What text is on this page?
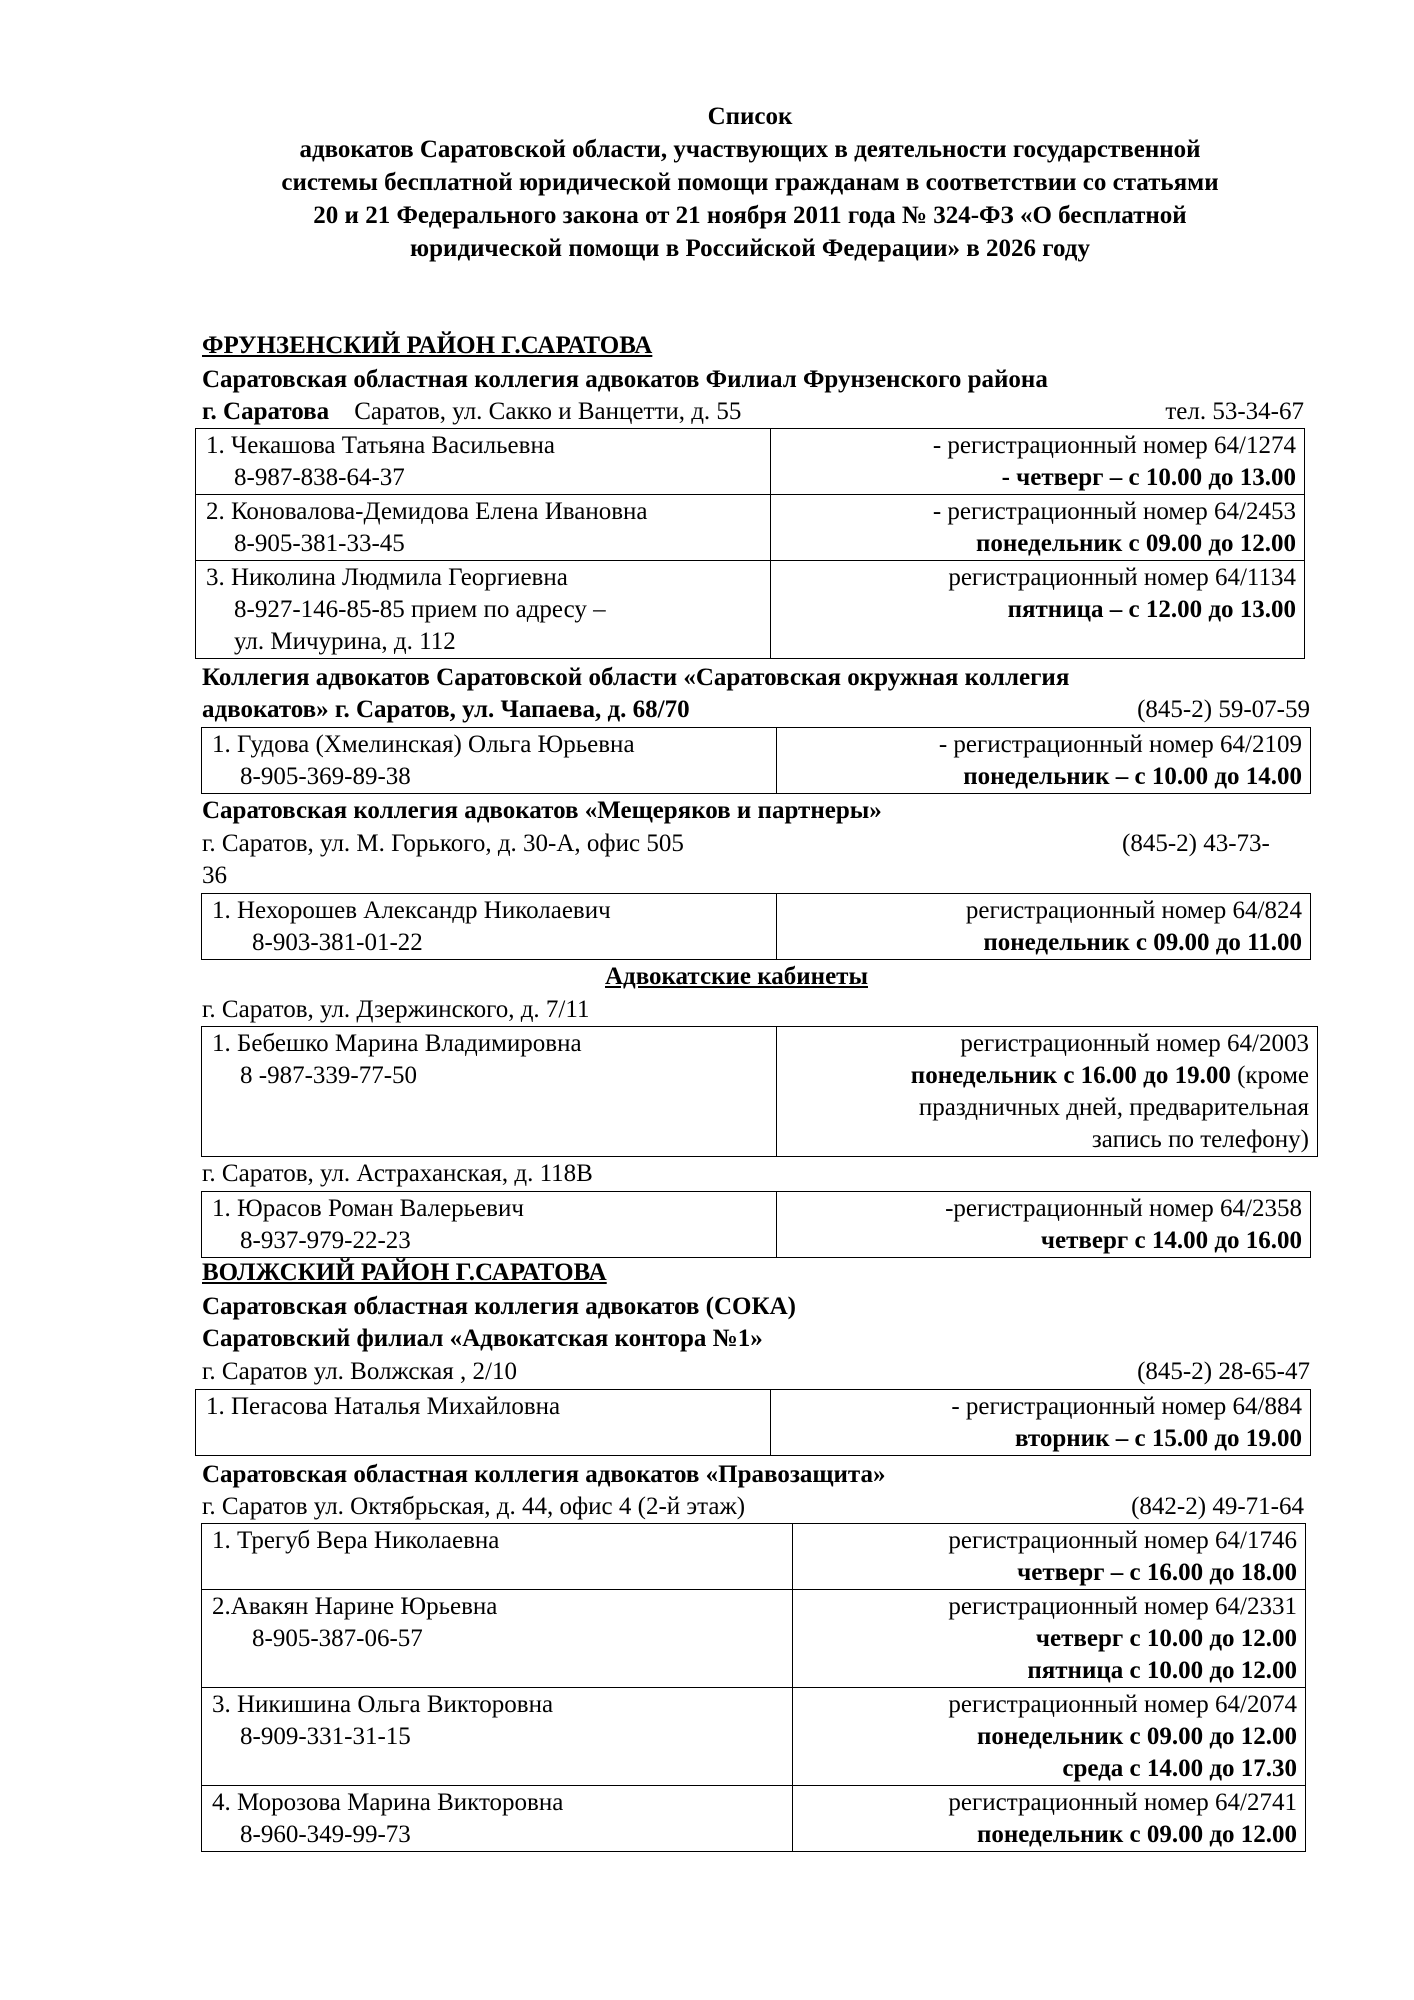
Список
адвокатов Саратовской области, участвующих в деятельности государственной
системы бесплатной юридической помощи гражданам в соответствии со статьями
20 и 21 Федерального закона от 21 ноября 2011 года № 324-ФЗ «О бесплатной
юридической помощи в Российской Федерации» в 2026 году
ФРУНЗЕНСКИЙ РАЙОН Г.САРАТОВА
Саратовская областная коллегия адвокатов Филиал Фрунзенского района
г. Саратова Саратов, ул. Сакко и Ванцетти, д. 55	тел. 53-34-67
1. Чекашова Татьяна Васильевна
8-987-838-64-37	- регистрационный номер 64/1274
- четверг – с 10.00 до 13.00

2. Коновалова-Демидова Елена Ивановна
8-905-381-33-45	- регистрационный номер 64/2453
понедельник с 09.00 до 12.00

3. Николина Людмила Георгиевна
8-927-146-85-85 прием по адресу –
ул. Мичурина, д. 112	регистрационный номер 64/1134
пятница – с 12.00 до 13.00
Коллегия адвокатов Саратовской области «Саратовская окружная коллегия
адвокатов» г. Саратов, ул. Чапаева, д. 68/70	(845-2) 59-07-59
1. Гудова (Хмелинская) Ольга Юрьевна
8-905-369-89-38

- регистрационный номер 64/2109
понедельник – с 10.00 до 14.00
Саратовская коллегия адвокатов «Мещеряков и партнеры»
г. Саратов, ул. М. Горького, д. 30-А, офис 505	(845-2) 43-73-
36
1. Нехорошев Александр Николаевич
8-903-381-01-22

регистрационный номер 64/824
понедельник с 09.00 до 11.00
Адвокатские кабинеты
г. Саратов, ул. Дзержинского, д. 7/11
1. Бебешко Марина Владимировна
8 -987-339-77-50

регистрационный номер 64/2003
понедельник с 16.00 до 19.00 (кроме
праздничных дней, предварительная
запись по телефону)
г. Саратов, ул. Астраханская, д. 118В
1. Юрасов Роман Валерьевич
8-937-979-22-23

-регистрационный номер 64/2358
четверг с 14.00 до 16.00
ВОЛЖСКИЙ РАЙОН Г.САРАТОВА
Саратовская областная коллегия адвокатов (СОКА)
Саратовский филиал «Адвокатская контора №1»
г. Саратов ул. Волжская , 2/10	(845-2) 28-65-47
1. Пегасова Наталья Михайловна	- регистрационный номер 64/884
вторник – с 15.00 до 19.00
Саратовская областная коллегия адвокатов «Правозащита»
г. Саратов ул. Октябрьская, д. 44, офис 4 (2-й этаж)	(842-2) 49-71-64
1. Трегуб Вера Николаевна	регистрационный номер 64/1746
четверг – с 16.00 до 18.00

2.Авакян Нарине Юрьевна
8-905-387-06-57	регистрационный номер 64/2331
четверг с 10.00 до 12.00
пятница с 10.00 до 12.00

3. Никишина Ольга Викторовна
8-909-331-31-15	регистрационный номер 64/2074
понедельник с 09.00 до 12.00
среда с 14.00 до 17.30

4. Морозова Марина Викторовна
8-960-349-99-73	регистрационный номер 64/2741
понедельник с 09.00 до 12.00
